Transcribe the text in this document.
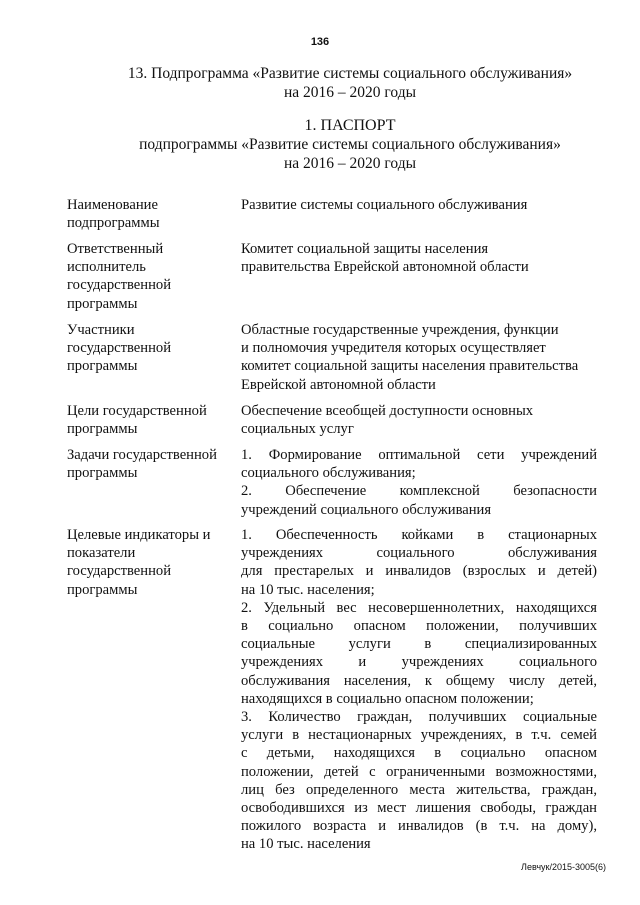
136
13. Подпрограмма «Развитие системы социального обслуживания»
на 2016 – 2020 годы
1. ПАСПОРТ
подпрограммы «Развитие системы социального обслуживания»
на 2016 – 2020 годы
Наименование
подпрограммы
Развитие системы социального обслуживания
Ответственный
исполнитель
государственной
программы
Комитет социальной защиты населения
правительства Еврейской автономной области
Участники
государственной
программы
Областные государственные учреждения, функции
и полномочия учредителя которых осуществляет
комитет социальной защиты населения правительства
Еврейской автономной области
Цели государственной
программы
Обеспечение всеобщей доступности основных
социальных услуг
Задачи государственной
программы
1. Формирование оптимальной сети учреждений
социального обслуживания;
2. Обеспечение комплексной безопасности
учреждений социального обслуживания
Целевые индикаторы и
показатели
государственной
программы
1. Обеспеченность койками в стационарных
учреждениях социального обслуживания
для престарелых и инвалидов (взрослых и детей)
на 10 тыс. населения;
2. Удельный вес несовершеннолетних, находящихся
в социально опасном положении, получивших
социальные услуги в специализированных
учреждениях и учреждениях социального
обслуживания населения, к общему числу детей,
находящихся в социально опасном положении;
3. Количество граждан, получивших социальные
услуги в нестационарных учреждениях, в т.ч. семей
с детьми, находящихся в социально опасном
положении, детей с ограниченными возможностями,
лиц без определенного места жительства, граждан,
освободившихся из мест лишения свободы, граждан
пожилого возраста и инвалидов (в т.ч. на дому),
на 10 тыс. населения
Левчук/2015-3005(6)
